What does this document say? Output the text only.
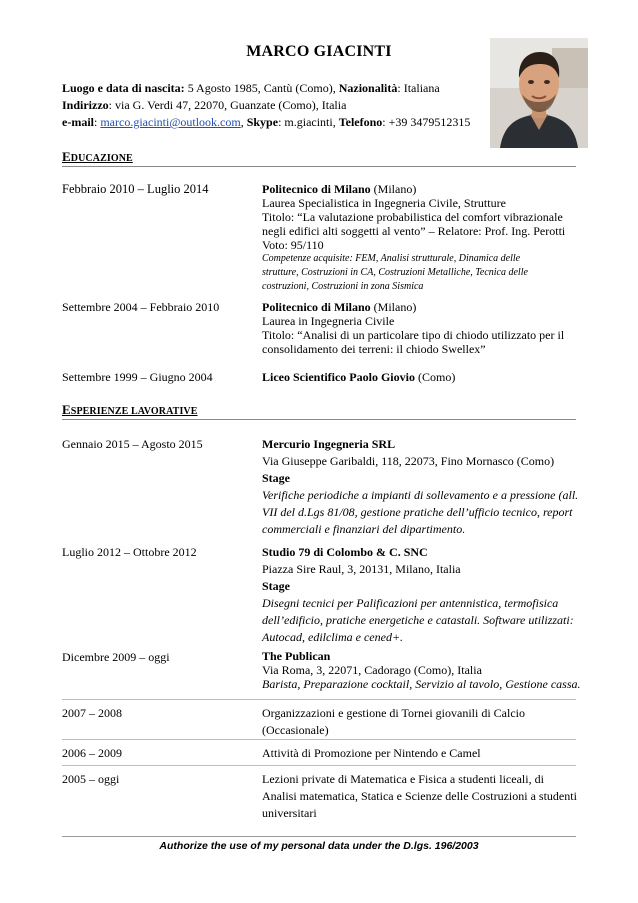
MARCO GIACINTI
Luogo e data di nascita: 5 Agosto 1985, Cantù (Como), Nazionalità: Italiana
Indirizzo: via G. Verdi 47, 22070, Guanzate (Como), Italia
e-mail: marco.giacinti@outlook.com, Skype: m.giacinti, Telefono: +39 3479512315
EDUCAZIONE
Febbraio 2010 – Luglio 2014	Politecnico di Milano (Milano)
Laurea Specialistica in Ingegneria Civile, Strutture
Titolo: “La valutazione probabilistica del comfort vibrazionale
negli edifici alti soggetti al vento” – Relatore: Prof. Ing. Perotti
Voto: 95/110
Competenze acquisite: FEM, Analisi strutturale, Dinamica delle
strutture, Costruzioni in CA, Costruzioni Metalliche, Tecnica delle
costruzioni, Costruzioni in zona Sismica
Settembre 2004 – Febbraio 2010	Politecnico di Milano (Milano)
Laurea in Ingegneria Civile
Titolo: “Analisi di un particolare tipo di chiodo utilizzato per il
consolidamento dei terreni: il chiodo Swellex”
Settembre 1999 – Giugno 2004	Liceo Scientifico Paolo Giovio (Como)
ESPERIENZE LAVORATIVE
Gennaio 2015 – Agosto 2015	Mercurio Ingegneria SRL
Via Giuseppe Garibaldi, 118, 22073, Fino Mornasco (Como)
Stage
Verifiche periodiche a impianti di sollevamento e a pressione (all.
VII del d.Lgs 81/08, gestione pratiche dell’ufficio tecnico, report
commerciali e finanziari del dipartimento.
Luglio 2012 – Ottobre 2012	Studio 79 di Colombo & C. SNC
Piazza Sire Raul, 3, 20131, Milano, Italia
Stage
Disegni tecnici per Palificazioni per antennistica, termofisica
dell’edificio, pratiche energetiche e catastali. Software utilizzati:
Autocad, edilclima e cened+.
Dicembre 2009 – oggi	The Publican
Via Roma, 3, 22071, Cadorago (Como), Italia
Barista, Preparazione cocktail, Servizio al tavolo, Gestione cassa.
2007 – 2008	Organizzazioni e gestione di Tornei giovanili di Calcio
(Occasionale)
2006 – 2009	Attività di Promozione per Nintendo e Camel
2005 – oggi	Lezioni private di Matematica e Fisica a studenti liceali, di
Analisi matematica, Statica e Scienze delle Costruzioni a studenti
universitari
Authorize the use of my personal data under the D.lgs. 196/2003
